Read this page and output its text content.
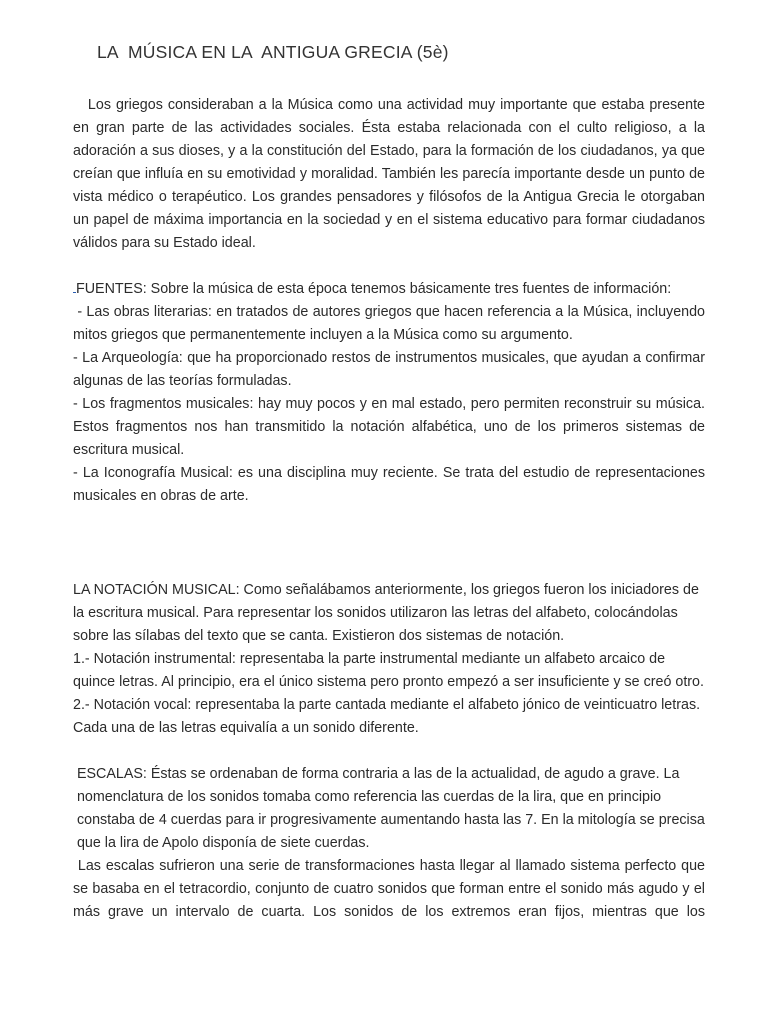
LA  MÚSICA EN LA  ANTIGUA GRECIA (5è)
Los griegos consideraban a la Música como una actividad muy importante que estaba presente
en gran parte de las actividades sociales. Ésta estaba relacionada con el culto religioso, a la
adoración a sus dioses, y a la constitución del Estado, para la formación de los ciudadanos, ya que
creían que influía en su emotividad y moralidad. También les parecía importante desde un punto de
vista médico o terapéutico. Los grandes pensadores y filósofos de la Antigua Grecia le otorgaban
un papel de máxima importancia en la sociedad y en el sistema educativo para formar ciudadanos
válidos para su Estado ideal.
FUENTES: Sobre la música de esta época tenemos básicamente tres fuentes de información:
- Las obras literarias: en tratados de autores griegos que hacen referencia a la Música, incluyendo
mitos griegos que permanentemente incluyen a la Música como su argumento.
- La Arqueología: que ha proporcionado restos de instrumentos musicales, que ayudan a confirmar
algunas de las teorías formuladas.
- Los fragmentos musicales: hay muy pocos y en mal estado, pero permiten reconstruir su música.
Estos fragmentos nos han transmitido la notación alfabética, uno de los primeros sistemas de
escritura musical.
- La Iconografía Musical: es una disciplina muy reciente. Se trata del estudio de representaciones
musicales en obras de arte.
LA NOTACIÓN MUSICAL: Como señalábamos anteriormente, los griegos fueron los iniciadores de
la escritura musical. Para representar los sonidos utilizaron las letras del alfabeto, colocándolas
sobre las sílabas del texto que se canta. Existieron dos sistemas de notación.
1.- Notación instrumental: representaba la parte instrumental mediante un alfabeto arcaico de
quince letras. Al principio, era el único sistema pero pronto empezó a ser insuficiente y se creó otro.
2.- Notación vocal: representaba la parte cantada mediante el alfabeto jónico de veinticuatro letras.
Cada una de las letras equivalía a un sonido diferente.
ESCALAS: Éstas se ordenaban de forma contraria a las de la actualidad, de agudo a grave. La
nomenclatura de los sonidos tomaba como referencia las cuerdas de la lira, que en principio
constaba de 4 cuerdas para ir progresivamente aumentando hasta las 7. En la mitología se precisa
que la lira de Apolo disponía de siete cuerdas.
Las escalas sufrieron una serie de transformaciones hasta llegar al llamado sistema perfecto que
se basaba en el tetracordio, conjunto de cuatro sonidos que forman entre el sonido más agudo y el
más grave un intervalo de cuarta. Los sonidos de los extremos eran fijos, mientras que los
